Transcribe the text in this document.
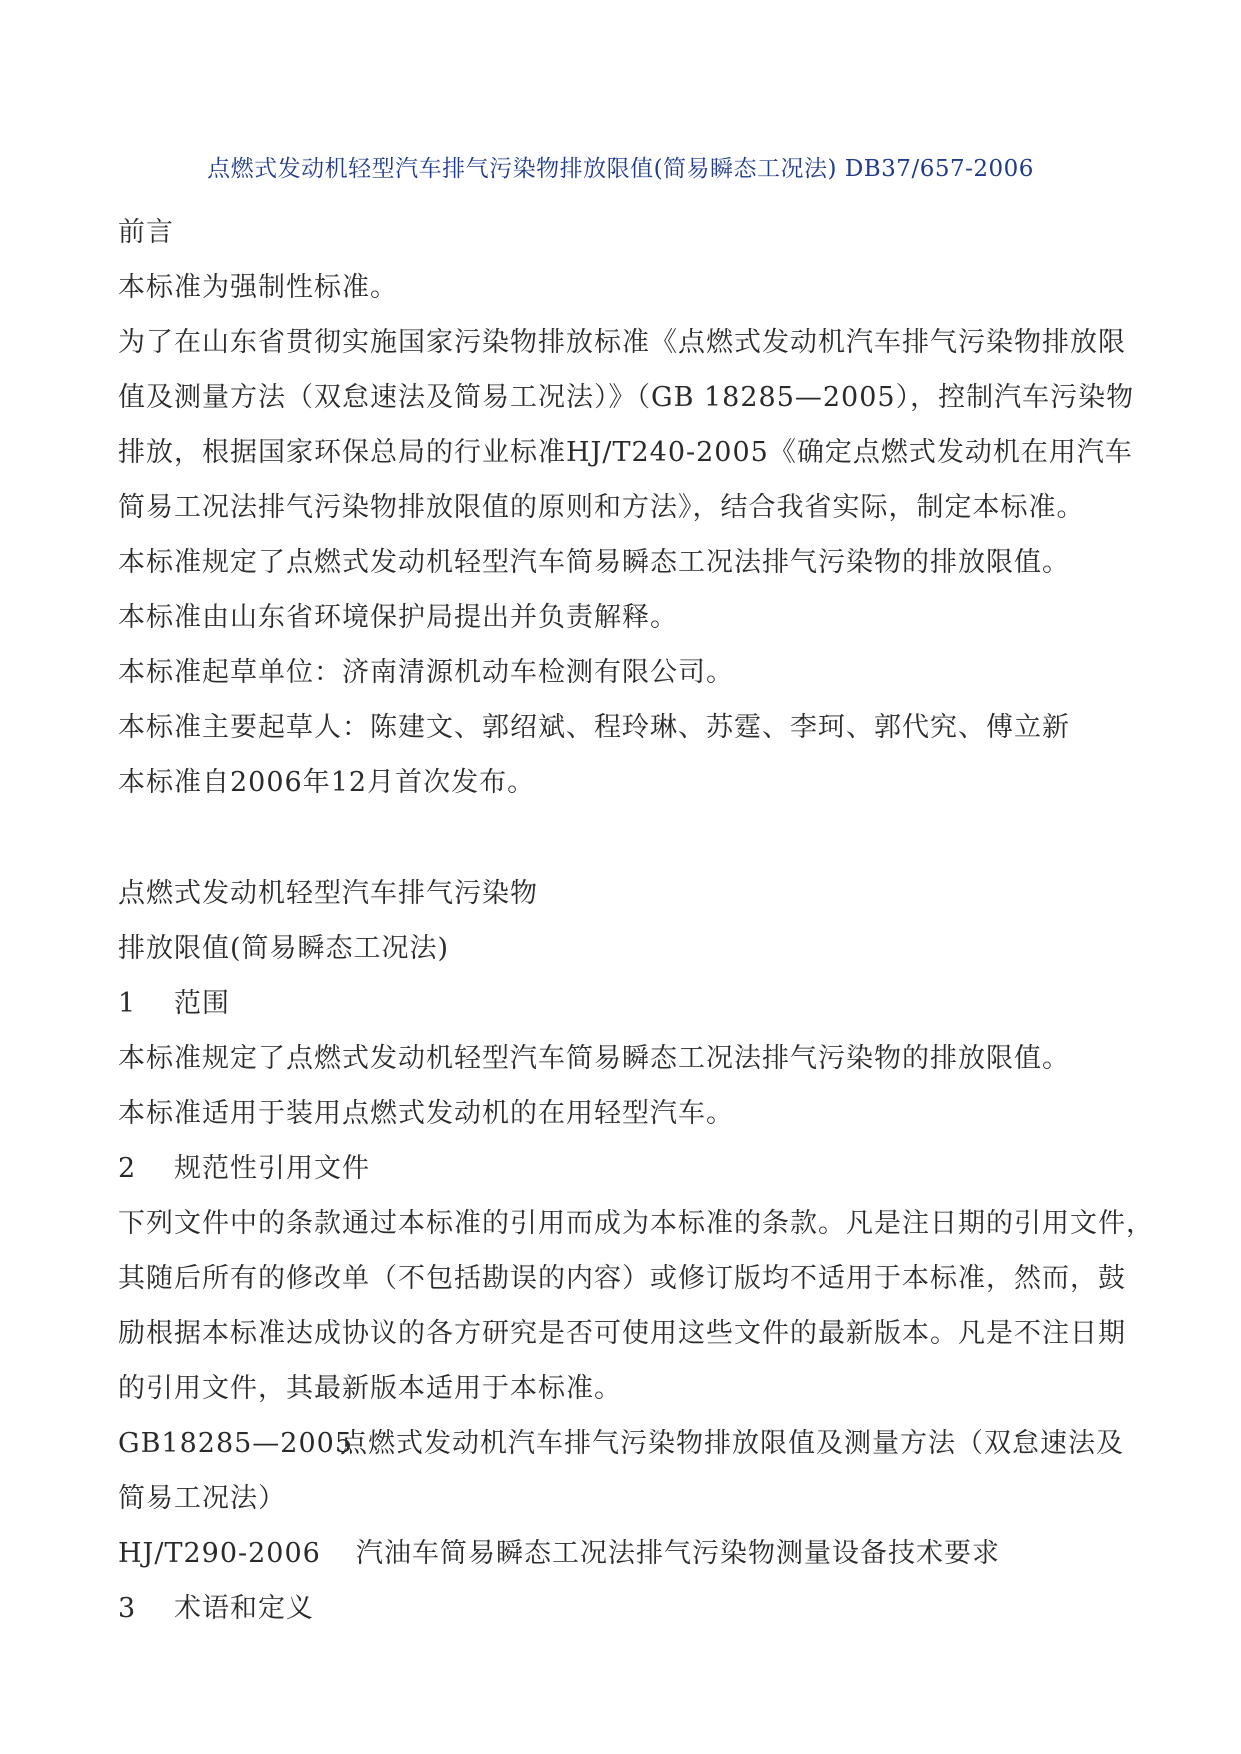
点燃式发动机轻型汽车排气污染物排放限值(简易瞬态工况法) DB37/657-2006
前言
本标准为强制性标准。
为了在山东省贯彻实施国家污染物排放标准《点燃式发动机汽车排气污染物排放限
值及测量方法（双怠速法及简易工况法）》（GB 18285—2005），控制汽车污染物
排放，根据国家环保总局的行业标准HJ/T240-2005《确定点燃式发动机在用汽车
简易工况法排气污染物排放限值的原则和方法》，结合我省实际，制定本标准。
本标准规定了点燃式发动机轻型汽车简易瞬态工况法排气污染物的排放限值。
本标准由山东省环境保护局提出并负责解释。
本标准起草单位：济南清源机动车检测有限公司。
本标准主要起草人：陈建文、郭绍斌、程玲琳、苏霆、李珂、郭代究、傅立新
本标准自2006年12月首次发布。
点燃式发动机轻型汽车排气污染物
排放限值(简易瞬态工况法)
1 范围
本标准规定了点燃式发动机轻型汽车简易瞬态工况法排气污染物的排放限值。
本标准适用于装用点燃式发动机的在用轻型汽车。
2 规范性引用文件
下列文件中的条款通过本标准的引用而成为本标准的条款。凡是注日期的引用文件，
其随后所有的修改单（不包括勘误的内容）或修订版均不适用于本标准，然而，鼓
励根据本标准达成协议的各方研究是否可使用这些文件的最新版本。凡是不注日期
的引用文件，其最新版本适用于本标准。
GB18285—2005点燃式发动机汽车排气污染物排放限值及测量方法（双怠速法及
简易工况法）
HJ/T290-2006 汽油车简易瞬态工况法排气污染物测量设备技术要求
3 术语和定义
